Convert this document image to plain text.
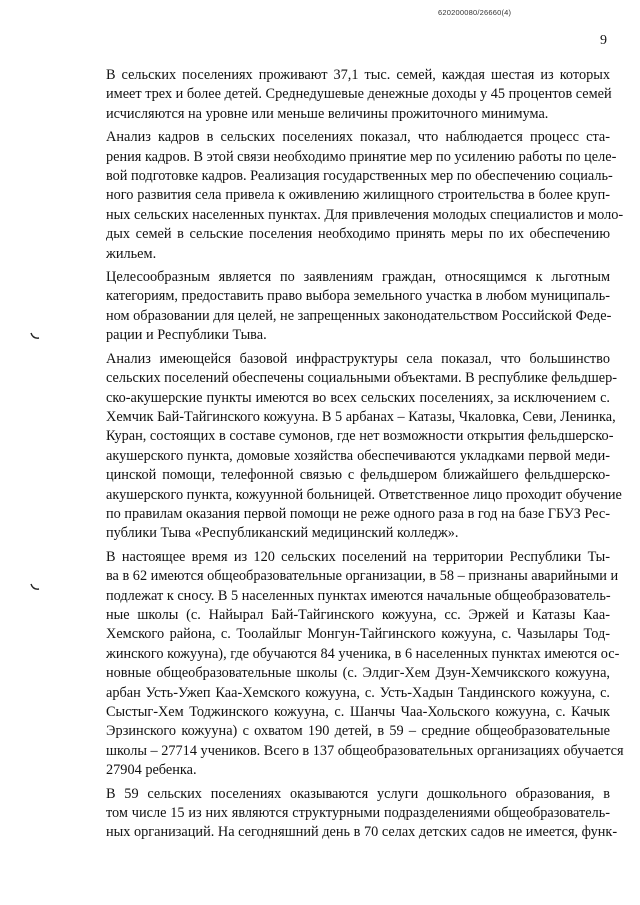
620200080/26660(4)
9
В сельских поселениях проживают 37,1 тыс. семей, каждая шестая из которых
имеет трех и более детей. Среднедушевые денежные доходы у 45 процентов семей
исчисляются на уровне или меньше величины прожиточного минимума.
Анализ кадров в сельских поселениях показал, что наблюдается процесс ста-
рения кадров. В этой связи необходимо принятие мер по усилению работы по целе-
вой подготовке кадров. Реализация государственных мер по обеспечению социаль-
ного развития села привела к оживлению жилищного строительства в более круп-
ных сельских населенных пунктах. Для привлечения молодых специалистов и моло-
дых семей в сельские поселения необходимо принять меры по их обеспечению
жильем.
Целесообразным является по заявлениям граждан, относящимся к льготным
категориям, предоставить право выбора земельного участка в любом муниципаль-
ном образовании для целей, не запрещенных законодательством Российской Феде-
рации и Республики Тыва.
Анализ имеющейся базовой инфраструктуры села показал, что большинство
сельских поселений обеспечены социальными объектами. В республике фельдшер-
ско-акушерские пункты имеются во всех сельских поселениях, за исключением с.
Хемчик Бай-Тайгинского кожууна. В 5 арбанах – Катазы, Чкаловка, Севи, Ленинка,
Куран, состоящих в составе сумонов, где нет возможности открытия фельдшерско-
акушерского пункта, домовые хозяйства обеспечиваются укладками первой меди-
цинской помощи, телефонной связью с фельдшером ближайшего фельдшерско-
акушерского пункта, кожуунной больницей. Ответственное лицо проходит обучение
по правилам оказания первой помощи не реже одного раза в год на базе ГБУЗ Рес-
публики Тыва «Республиканский медицинский колледж».
В настоящее время из 120 сельских поселений на территории Республики Ты-
ва в 62 имеются общеобразовательные организации, в 58 – признаны аварийными и
подлежат к сносу. В 5 населенных пунктах имеются начальные общеобразователь-
ные школы (с. Найырал Бай-Тайгинского кожууна, сс. Эржей и Катазы Каа-
Хемского района, с. Тоолайлыг Монгун-Тайгинского кожууна, с. Чазылары Тод-
жинского кожууна), где обучаются 84 ученика, в 6 населенных пунктах имеются ос-
новные общеобразовательные школы (с. Элдиг-Хем Дзун-Хемчикского кожууна,
арбан Усть-Ужеп Каа-Хемского кожууна, с. Усть-Хадын Тандинского кожууна, с.
Сыстыг-Хем Тоджинского кожууна, с. Шанчы Чаа-Хольского кожууна, с. Качык
Эрзинского кожууна) с охватом 190 детей, в 59 – средние общеобразовательные
школы – 27714 учеников. Всего в 137 общеобразовательных организациях обучается
27904 ребенка.
В 59 сельских поселениях оказываются услуги дошкольного образования, в
том числе 15 из них являются структурными подразделениями общеобразователь-
ных организаций. На сегодняшний день в 70 селах детских садов не имеется, функ-
